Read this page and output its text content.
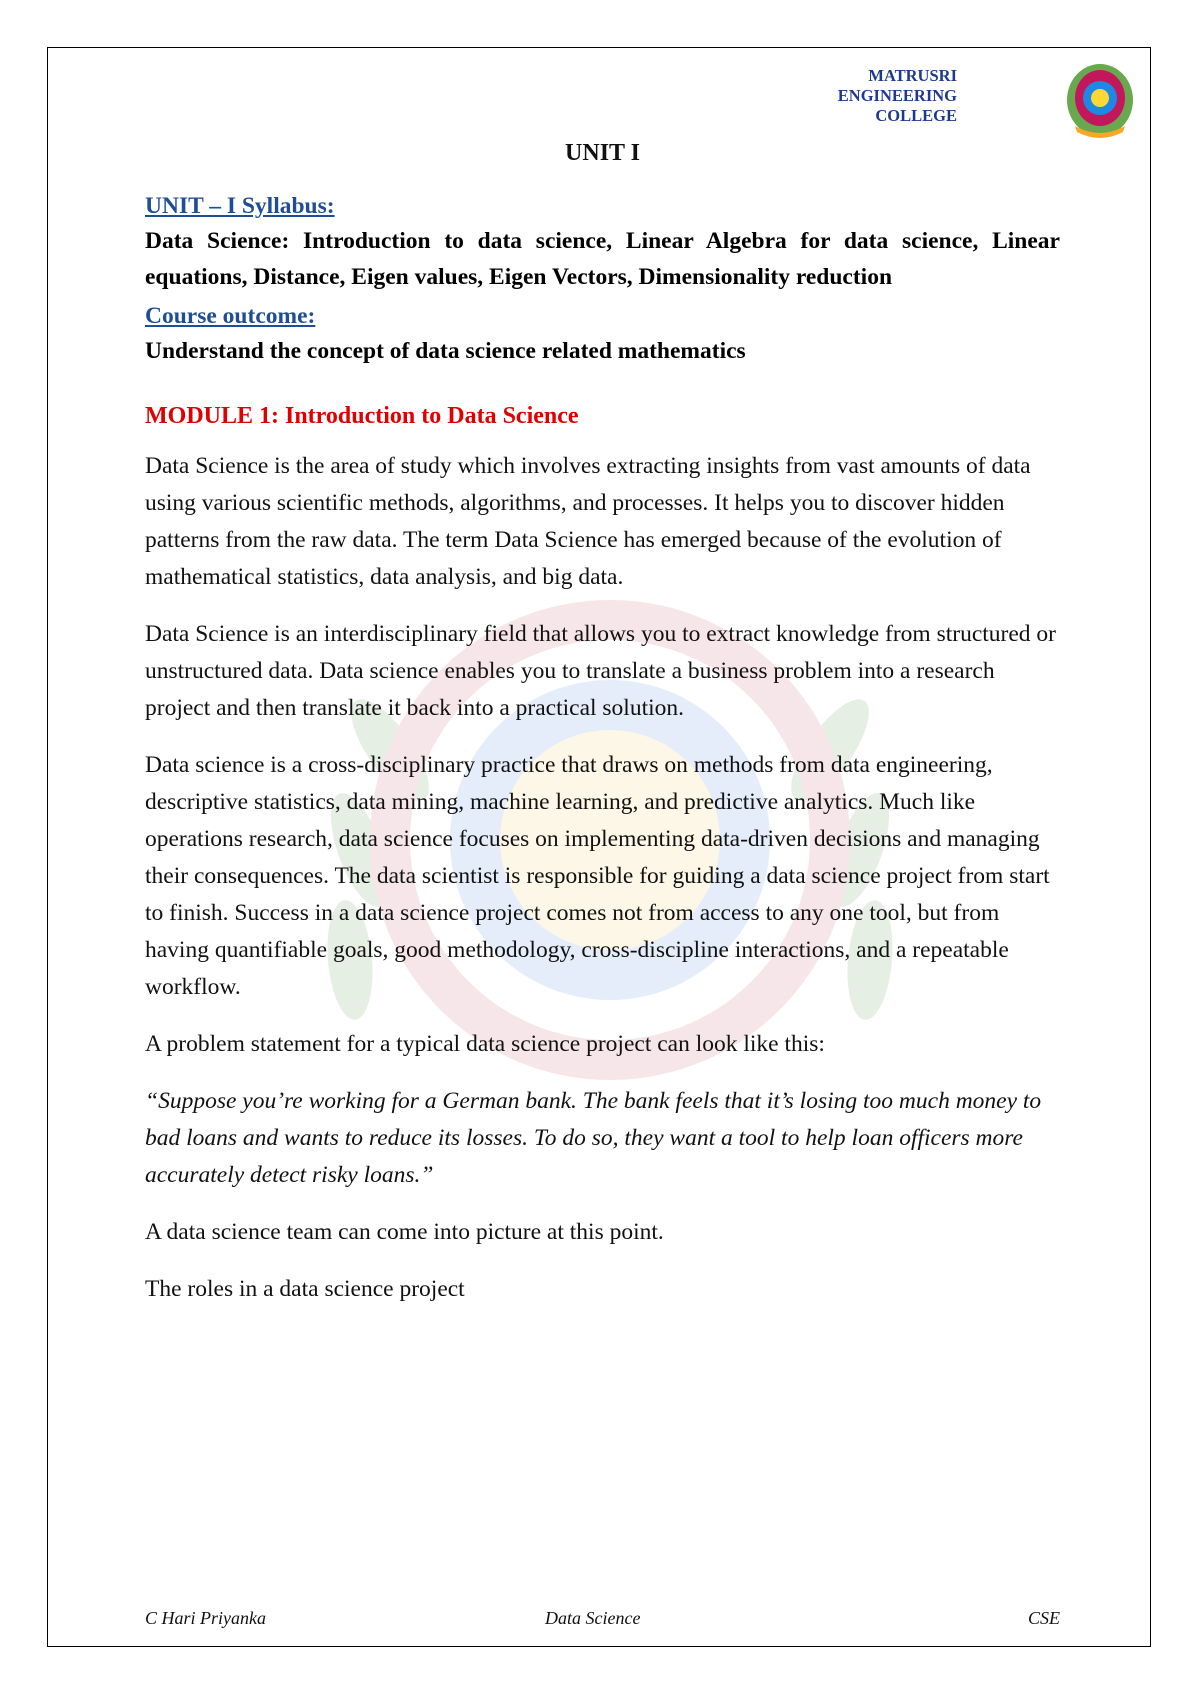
MATRUSRI
ENGINEERING
COLLEGE
UNIT I
UNIT – I Syllabus:
Data Science: Introduction to data science, Linear Algebra for data science, Linear equations, Distance, Eigen values, Eigen Vectors, Dimensionality reduction
Course outcome:
Understand the concept of data science related mathematics
MODULE 1: Introduction to Data Science

Data Science is the area of study which involves extracting insights from vast amounts of data using various scientific methods, algorithms, and processes. It helps you to discover hidden patterns from the raw data. The term Data Science has emerged because of the evolution of mathematical statistics, data analysis, and big data.

Data Science is an interdisciplinary field that allows you to extract knowledge from structured or unstructured data. Data science enables you to translate a business problem into a research project and then translate it back into a practical solution.

Data science is a cross-disciplinary practice that draws on methods from data engineering, descriptive statistics, data mining, machine learning, and predictive analytics. Much like operations research, data science focuses on implementing data-driven decisions and managing their consequences. The data scientist is responsible for guiding a data science project from start to finish. Success in a data science project comes not from access to any one tool, but from having quantifiable goals, good methodology, cross-discipline interactions, and a repeatable workflow.

A problem statement for a typical data science project can look like this:

“Suppose you’re working for a German bank. The bank feels that it’s losing too much money to bad loans and wants to reduce its losses. To do so, they want a tool to help loan officers more accurately detect risky loans.”

A data science team can come into picture at this point.

The roles in a data science project

C Hari Priyanka	Data Science	CSE
